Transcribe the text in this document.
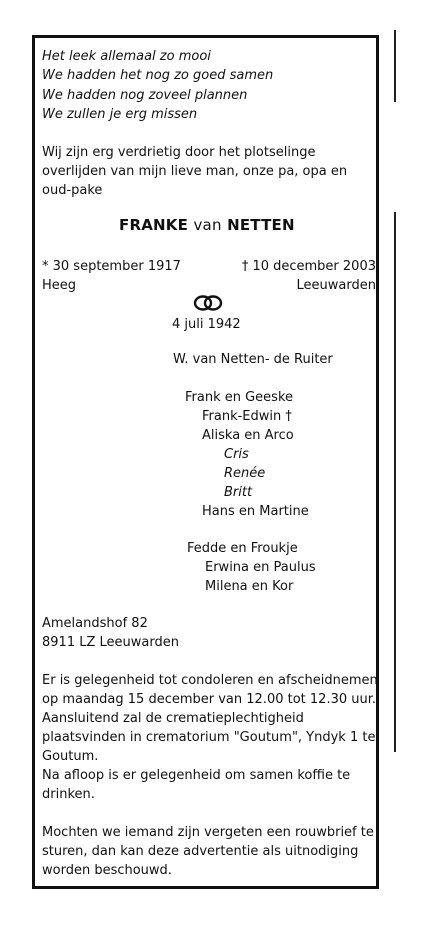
Het leek allemaal zo mooi
We hadden het nog zo goed samen
We hadden nog zoveel plannen
We zullen je erg missen
Wij zijn erg verdrietig door het plotselinge
overlijden van mijn lieve man, onze pa, opa en
oud-pake
FRANKE van NETTEN
* 30 september 1917
Heeg
† 10 december 2003
Leeuwarden
4 juli 1942
W. van Netten- de Ruiter
Frank en Geeske
Frank-Edwin †
Aliska en Arco
Cris
Renée
Britt
Hans en Martine
Fedde en Froukje
Erwina en Paulus
Milena en Kor
Amelandshof 82
8911 LZ Leeuwarden
Er is gelegenheid tot condoleren en afscheidnemen
op maandag 15 december van 12.00 tot 12.30 uur.
Aansluitend zal de crematieplechtigheid
plaatsvinden in crematorium "Goutum", Yndyk 1 te
Goutum.
Na afloop is er gelegenheid om samen koffie te
drinken.
Mochten we iemand zijn vergeten een rouwbrief te
sturen, dan kan deze advertentie als uitnodiging
worden beschouwd.
